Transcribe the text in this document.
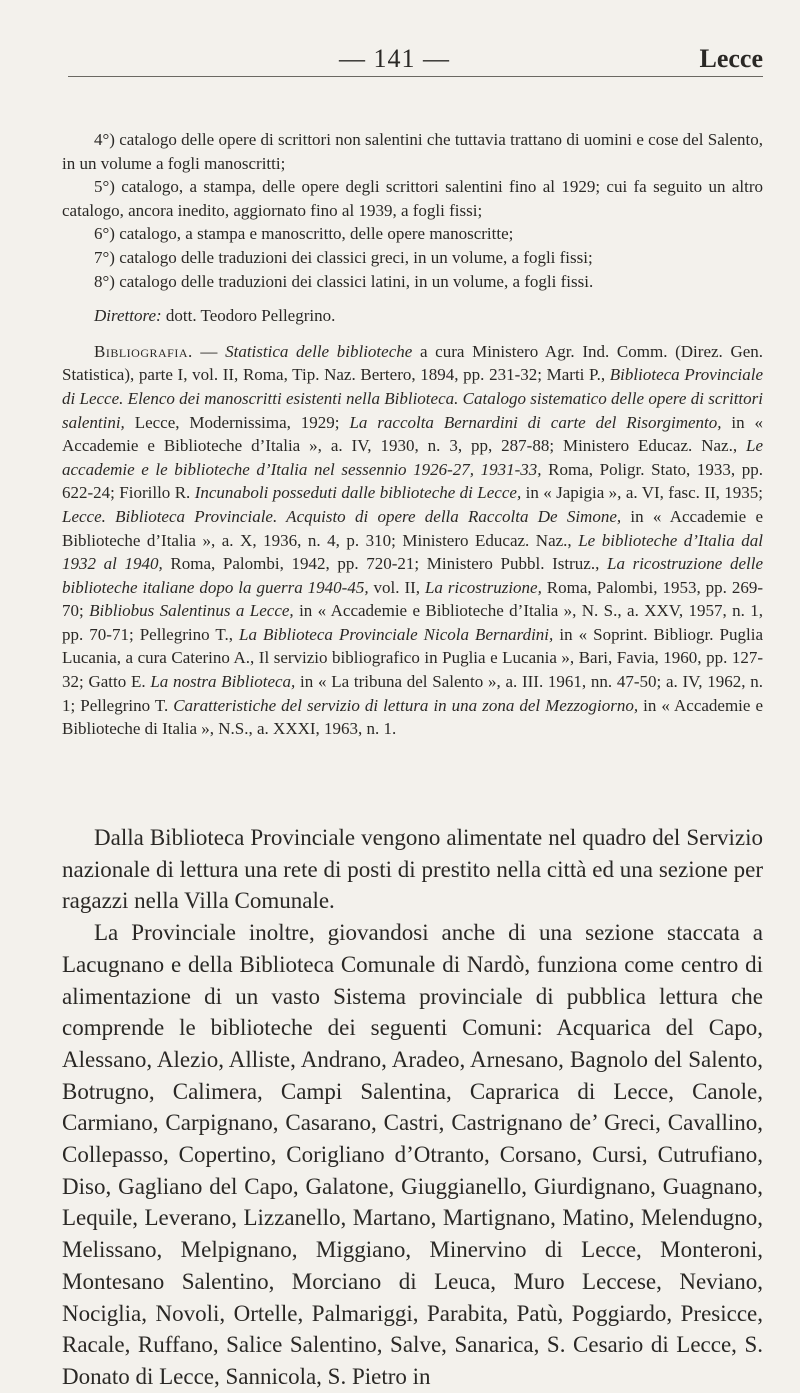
— 141 —	Lecce

4°) catalogo delle opere di scrittori non salentini che tuttavia trattano di uomini e cose del Salento, in un volume a fogli manoscritti;

5°) catalogo, a stampa, delle opere degli scrittori salentini fino al 1929; cui fa seguito un altro catalogo, ancora inedito, aggiornato fino al 1939, a fogli fissi;

6°) catalogo, a stampa e manoscritto, delle opere manoscritte;

7°) catalogo delle traduzioni dei classici greci, in un volume, a fogli fissi;

8°) catalogo delle traduzioni dei classici latini, in un volume, a fogli fissi.

Direttore: dott. Teodoro Pellegrino.

Bibliografia. — Statistica delle biblioteche a cura Ministero Agr. Ind. Comm. (Direz. Gen. Statistica), parte I, vol. II, Roma, Tip. Naz. Bertero, 1894, pp. 231-32; Marti P., Biblioteca Provinciale di Lecce. Elenco dei manoscritti esistenti nella Biblioteca. Catalogo sistematico delle opere di scrittori salentini, Lecce, Modernissima, 1929; La raccolta Bernardini di carte del Risorgimento, in « Accademie e Biblioteche d’Italia », a. IV, 1930, n. 3, pp, 287-88; Ministero Educaz. Naz., Le accademie e le biblioteche d’Italia nel sessennio 1926-27, 1931-33, Roma, Poligr. Stato, 1933, pp. 622-24; Fiorillo R. Incunaboli posseduti dalle biblioteche di Lecce, in « Japigia », a. VI, fasc. II, 1935; Lecce. Biblioteca Provinciale. Acquisto di opere della Raccolta De Simone, in « Accademie e Biblioteche d’Italia », a. X, 1936, n. 4, p. 310; Ministero Educaz. Naz., Le biblioteche d’Italia dal 1932 al 1940, Roma, Palombi, 1942, pp. 720-21; Ministero Pubbl. Istruz., La ricostruzione delle biblioteche italiane dopo la guerra 1940-45, vol. II, La ricostruzione, Roma, Palombi, 1953, pp. 269-70; Bibliobus Salentinus a Lecce, in « Accademie e Biblioteche d’Italia », N. S., a. XXV, 1957, n. 1, pp. 70-71; Pellegrino T., La Biblioteca Provinciale Nicola Bernardini, in « Soprint. Bibliogr. Puglia Lucania, a cura Caterino A., Il servizio bibliografico in Puglia e Lucania », Bari, Favia, 1960, pp. 127-32; Gatto E. La nostra Biblioteca, in « La tribuna del Salento », a. III. 1961, nn. 47-50; a. IV, 1962, n. 1; Pellegrino T. Caratteristiche del servizio di lettura in una zona del Mezzogiorno, in « Accademie e Biblioteche di Italia », N.S., a. XXXI, 1963, n. 1.

Dalla Biblioteca Provinciale vengono alimentate nel quadro del Servizio nazionale di lettura una rete di posti di prestito nella città ed una sezione per ragazzi nella Villa Comunale.

La Provinciale inoltre, giovandosi anche di una sezione staccata a Lacugnano e della Biblioteca Comunale di Nardò, funziona come centro di alimentazione di un vasto Sistema provinciale di pubblica lettura che comprende le biblioteche dei seguenti Comuni: Acquarica del Capo, Alessano, Alezio, Alliste, Andrano, Aradeo, Arnesano, Bagnolo del Salento, Botrugno, Calimera, Campi Salentina, Caprarica di Lecce, Canole, Carmiano, Carpignano, Casarano, Castri, Castrignano de’ Greci, Cavallino, Collepasso, Copertino, Corigliano d’Otranto, Corsano, Cursi, Cutrufiano, Diso, Gagliano del Capo, Galatone, Giuggianello, Giurdignano, Guagnano, Lequile, Leverano, Lizzanello, Martano, Martignano, Matino, Melendugno, Melissano, Melpignano, Miggiano, Minervino di Lecce, Monteroni, Montesano Salentino, Morciano di Leuca, Muro Leccese, Neviano, Nociglia, Novoli, Ortelle, Palmariggi, Parabita, Patù, Poggiardo, Presicce, Racale, Ruffano, Salice Salentino, Salve, Sanarica, S. Cesario di Lecce, S. Donato di Lecce, Sannicola, S. Pietro in
